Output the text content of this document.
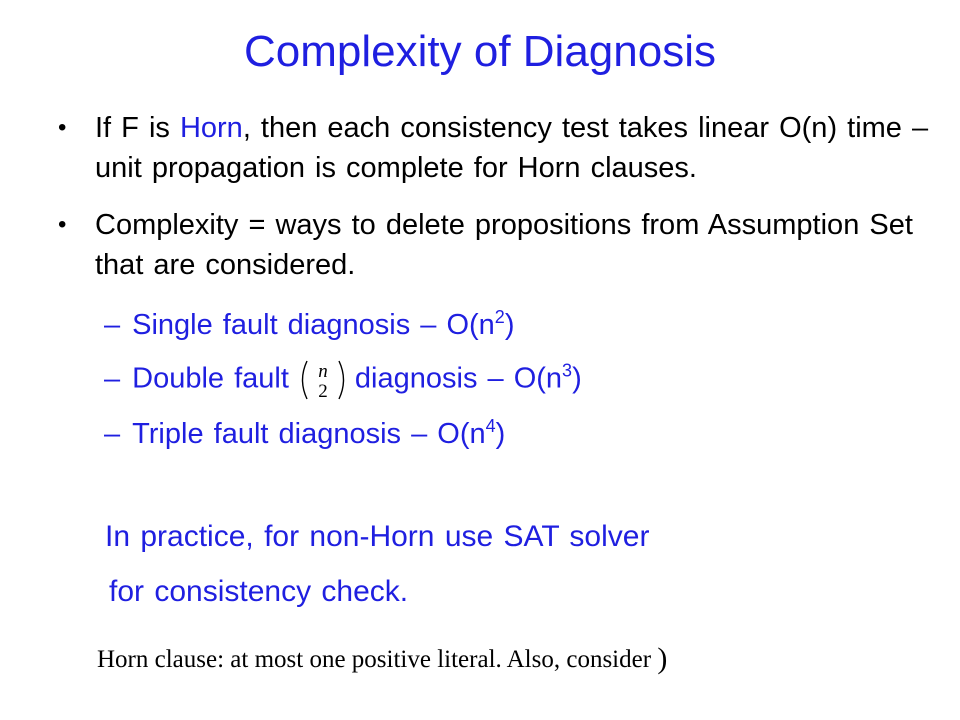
Complexity of Diagnosis
• If F is Horn, then each consistency test takes linear O(n) time – unit propagation is complete for Horn clauses.
• Complexity = ways to delete propositions from Assumption Set that are considered.
– Single fault diagnosis – $O(n^2)$
– Double fault n
2 diagnosis – $O(n^3)$
– Triple fault diagnosis – $O(n^4)$
In practice, for non-Horn use SAT solver
for consistency check.
Horn clause: at most one positive literal. Also, consider )
